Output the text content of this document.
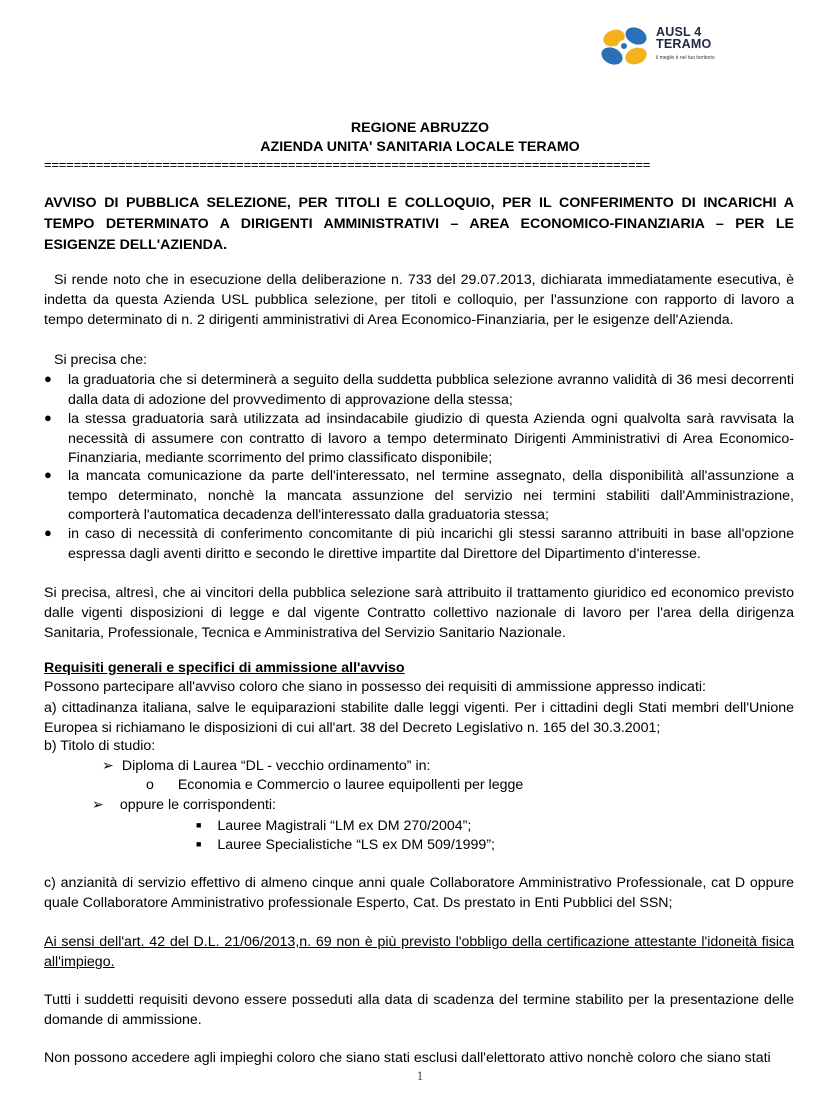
AUSL 4
TERAMO
il meglio è nel tuo territorio
REGIONE ABRUZZO
AZIENDA UNITA' SANITARIA LOCALE TERAMO
==================================================================================
AVVISO DI PUBBLICA SELEZIONE, PER TITOLI E COLLOQUIO, PER IL CONFERIMENTO DI INCARICHI A TEMPO DETERMINATO A DIRIGENTI AMMINISTRATIVI – AREA ECONOMICO-FINANZIARIA – PER LE ESIGENZE DELL'AZIENDA.
Si rende noto che in esecuzione della deliberazione n. 733 del 29.07.2013, dichiarata immediatamente esecutiva, è indetta da questa Azienda USL pubblica selezione, per titoli e colloquio, per l'assunzione con rapporto di lavoro a tempo determinato di n. 2 dirigenti amministrativi di Area Economico-Finanziaria, per le esigenze dell'Azienda.
Si precisa che:
● la graduatoria che si determinerà a seguito della suddetta pubblica selezione avranno validità di 36 mesi decorrenti dalla data di adozione del provvedimento di approvazione della stessa;
● la stessa graduatoria sarà utilizzata ad insindacabile giudizio di questa Azienda ogni qualvolta sarà ravvisata la necessità di assumere con contratto di lavoro a tempo determinato Dirigenti Amministrativi di Area Economico-Finanziaria, mediante scorrimento del primo classificato disponibile;
● la mancata comunicazione da parte dell'interessato, nel termine assegnato, della disponibilità all'assunzione a tempo determinato, nonchè la mancata assunzione del servizio nei termini stabiliti dall'Amministrazione, comporterà l'automatica decadenza dell'interessato dalla graduatoria stessa;
● in caso di necessità di conferimento concomitante di più incarichi gli stessi saranno attribuiti in base all'opzione espressa dagli aventi diritto e secondo le direttive impartite dal Direttore del Dipartimento d'interesse.
Si precisa, altresì, che ai vincitori della pubblica selezione sarà attribuito il trattamento giuridico ed economico previsto dalle vigenti disposizioni di legge e dal vigente Contratto collettivo nazionale di lavoro per l'area della dirigenza Sanitaria, Professionale, Tecnica e Amministrativa del Servizio Sanitario Nazionale.
Requisiti generali e specifici di ammissione all'avviso
Possono partecipare all'avviso coloro che siano in possesso dei requisiti di ammissione appresso indicati:
a) cittadinanza italiana, salve le equiparazioni stabilite dalle leggi vigenti. Per i cittadini degli Stati membri dell'Unione Europea si richiamano le disposizioni di cui all'art. 38 del Decreto Legislativo n. 165 del 30.3.2001;
b) Titolo di studio:
➢ Diploma di Laurea “DL - vecchio ordinamento” in:
o Economia e Commercio o lauree equipollenti per legge
➢ oppure le corrispondenti:
■ Lauree Magistrali “LM ex DM 270/2004”;
■ Lauree Specialistiche “LS ex DM 509/1999”;
c) anzianità di servizio effettivo di almeno cinque anni quale Collaboratore Amministrativo Professionale, cat D oppure quale Collaboratore Amministrativo professionale Esperto, Cat. Ds prestato in Enti Pubblici del SSN;
Ai sensi dell'art. 42 del D.L. 21/06/2013,n. 69 non è più previsto l'obbligo della certificazione attestante l'idoneità fisica all'impiego.
Tutti i suddetti requisiti devono essere posseduti alla data di scadenza del termine stabilito per la presentazione delle domande di ammissione.
Non possono accedere agli impieghi coloro che siano stati esclusi dall'elettorato attivo nonchè coloro che siano stati
1
